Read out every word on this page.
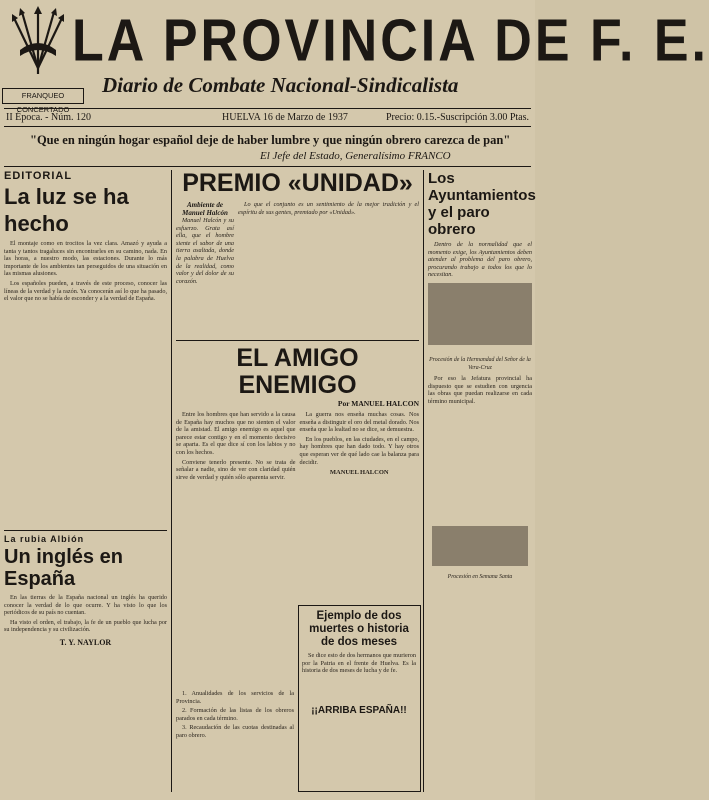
LA PROVINCIA DE F. E.
Diario de Combate Nacional-Sindicalista
FRANQUEO CONCERTADO
II Época. - Núm. 120	HUELVA 16 de Marzo de 1937	Precio: 0.15.-Suscripción 3.00 Ptas.
"Que en ningún hogar español deje de haber lumbre y que ningún obrero carezca de pan"
El Jefe del Estado, Generalísimo FRANCO
EDITORIAL
La luz se ha hecho

El montaje como en trocitos la vez clara. Amazó y ayuda a tanta y tantos tragaluces sin encontrarles en su camino, nada. En las horas, a nuestro modo, las estaciones. Durante lo más importante de los ambientes tan perseguidos de una situación en las mismas alusiones.

Los españoles pueden, a través de este proceso, conocer las líneas de la verdad y la razón. Ya conocerán así lo que ha pasado, el valor que no se había de esconder y a la verdad de España.

La rubia Albión
Un inglés en España

En las tierras de la España nacional un inglés ha querido conocer la verdad de lo que ocurre. Y ha visto lo que los periódicos de su país no cuentan.

Ha visto el orden, el trabajo, la fe de un pueblo que lucha por su independencia y su civilización.

T. Y. NAYLOR
PREMIO «UNIDAD»
Ambiente de Manuel Halcón

Manuel Halcón y su esfuerzo. Grata así ella, que el hombre siente el sabor de una tierra asaltada, donde la palabra de Huelva de la realidad, como valor y del dolor de su corazón.

Lo que el conjunto es un sentimiento de la mejor tradición y el espíritu de sus gentes, premiado por «Unidad».

EL AMIGO ENEMIGO
Por MANUEL HALCON

Entre los hombres que han servido a la causa de España hay muchos que no sienten el valor de la amistad. El amigo enemigo es aquel que parece estar contigo y en el momento decisivo se aparta. Es el que dice sí con los labios y no con los hechos.

Conviene tenerlo presente. No se trata de señalar a nadie, sino de ver con claridad quién sirve de verdad y quién sólo aparenta servir.

La guerra nos enseña muchas cosas. Nos enseña a distinguir el oro del metal dorado. Nos enseña que la lealtad no se dice, se demuestra.

En los pueblos, en las ciudades, en el campo, hay hombres que han dado todo. Y hay otros que esperan ver de qué lado cae la balanza para decidir.

MANUEL HALCON

1. Anualidades de los servicios de la Provincia.

2. Formación de las listas de los obreros parados en cada término.

3. Recaudación de las cuotas destinadas al paro obrero.

Ejemplo de dos muertes o historia de dos meses

Se dice esto de dos hermanos que murieron por la Patria en el frente de Huelva. Es la historia de dos meses de lucha y de fe.

¡¡ARRIBA ESPAÑA!!
Los Ayuntamientos y el paro obrero

Dentro de la normalidad que el momento exige, los Ayuntamientos deben atender al problema del paro obrero, procurando trabajo a todos los que lo necesitan.

Procesión de la Hermandad del Señor de la Vera-Cruz

Por eso la Jefatura provincial ha dispuesto que se estudien con urgencia las obras que puedan realizarse en cada término municipal.

Procesión en Semana Santa
